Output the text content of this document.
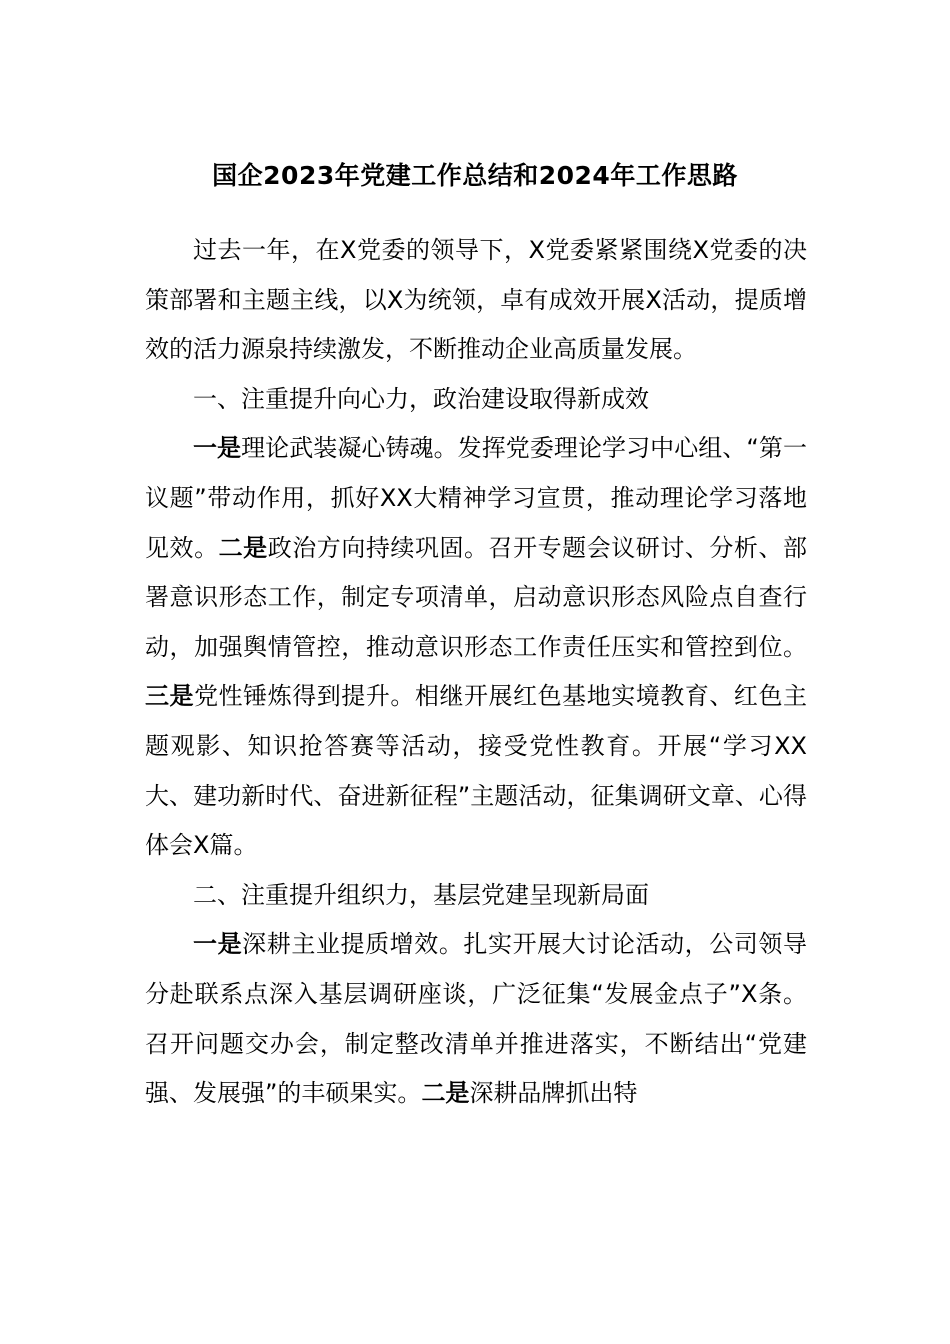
国企2023年党建工作总结和2024年工作思路

过去一年，在X党委的领导下，X党委紧紧围绕X党委的决策部署和主题主线，以X为统领，卓有成效开展X活动，提质增效的活力源泉持续激发，不断推动企业高质量发展。

一、注重提升向心力，政治建设取得新成效

一是理论武装凝心铸魂。发挥党委理论学习中心组、“第一议题”带动作用，抓好XX大精神学习宣贯，推动理论学习落地见效。二是政治方向持续巩固。召开专题会议研讨、分析、部署意识形态工作，制定专项清单，启动意识形态风险点自查行动，加强舆情管控，推动意识形态工作责任压实和管控到位。三是党性锤炼得到提升。相继开展红色基地实境教育、红色主题观影、知识抢答赛等活动，接受党性教育。开展“学习XX大、建功新时代、奋进新征程”主题活动，征集调研文章、心得体会X篇。

二、注重提升组织力，基层党建呈现新局面

一是深耕主业提质增效。扎实开展大讨论活动，公司领导分赴联系点深入基层调研座谈，广泛征集“发展金点子”X条。召开问题交办会，制定整改清单并推进落实，不断结出“党建强、发展强”的丰硕果实。二是深耕品牌抓出特
